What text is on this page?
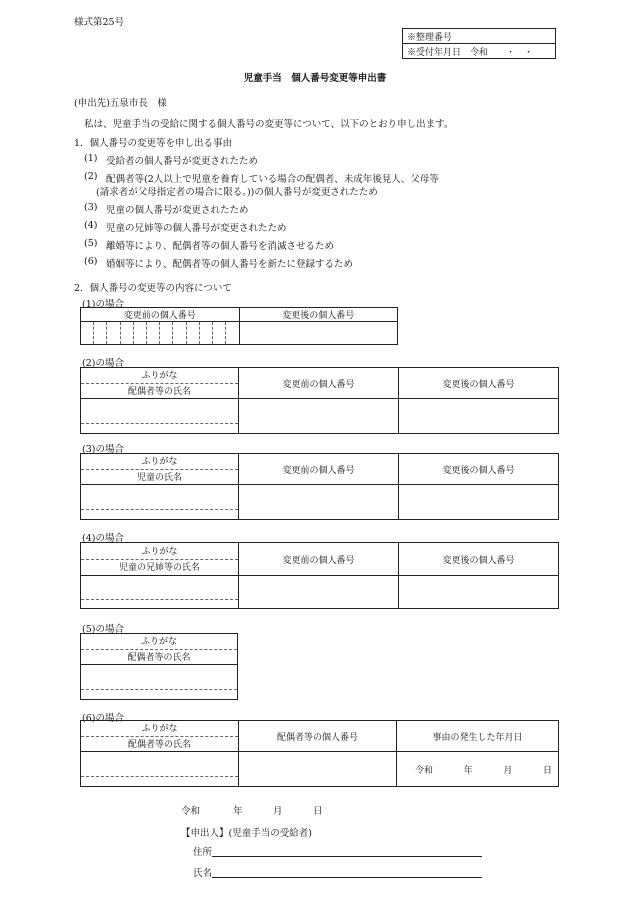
様式第25号
※整理番号
※受付年月日　令和　　・　・
児童手当　個人番号変更等申出書
(申出先)五泉市長　様
私は、児童手当の受給に関する個人番号の変更等について、以下のとおり申し出ます。
1．個人番号の変更等を申し出る事由
(1) 受給者の個人番号が変更されたため
(2) 配偶者等(2人以上で児童を養育している場合の配偶者、未成年後見人、父母等
(請求者が父母指定者の場合に限る。))の個人番号が変更されたため
(3) 児童の個人番号が変更されたため
(4) 児童の兄姉等の個人番号が変更されたため
(5) 離婚等により、配偶者等の個人番号を消滅させるため
(6) 婚姻等により、配偶者等の個人番号を新たに登録するため
2．個人番号の変更等の内容について
(1)の場合
変更前の個人番号	変更後の個人番号

(2)の場合
ふりがな
配偶者等の氏名	変更前の個人番号	変更後の個人番号

(3)の場合
ふりがな
児童の氏名	変更前の個人番号	変更後の個人番号

(4)の場合
ふりがな
児童の兄姉等の氏名	変更前の個人番号	変更後の個人番号

(5)の場合
ふりがな
配偶者等の氏名

(6)の場合
ふりがな
配偶者等の氏名	配偶者等の個人番号	事由の発生した年月日

		令和 年 月 日
令和	年	月	日
【申出人】(児童手当の受給者)
住所
氏名
